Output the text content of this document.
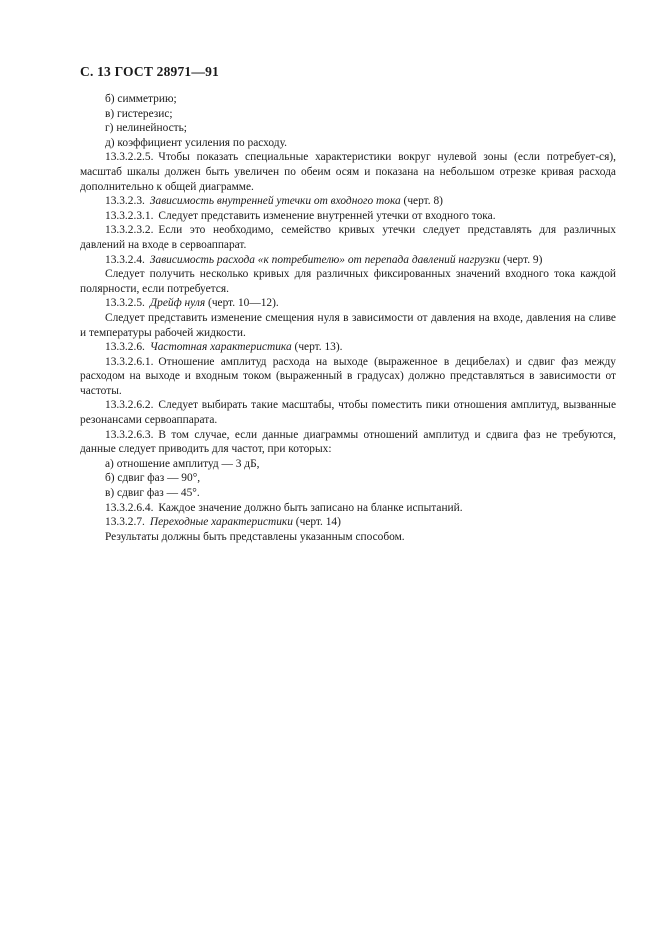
С. 13 ГОСТ 28971—91

б) симметрию;

в) гистерезис;

г) нелинейность;

д) коэффициент усиления по расходу.

13.3.2.2.5. Чтобы показать специальные характеристики вокруг нулевой зоны (если потребует-ся), масштаб шкалы должен быть увеличен по обеим осям и показана на небольшом отрезке кривая расхода дополнительно к общей диаграмме.

13.3.2.3. Зависимость внутренней утечки от входного тока (черт. 8)

13.3.2.3.1. Следует представить изменение внутренней утечки от входного тока.

13.3.2.3.2. Если это необходимо, семейство кривых утечки следует представлять для различных давлений на входе в сервоаппарат.

13.3.2.4. Зависимость расхода «к потребителю» от перепада давлений нагрузки (черт. 9)

Следует получить несколько кривых для различных фиксированных значений входного тока каждой полярности, если потребуется.

13.3.2.5. Дрейф нуля (черт. 10—12).

Следует представить изменение смещения нуля в зависимости от давления на входе, давления на сливе и температуры рабочей жидкости.

13.3.2.6. Частотная характеристика (черт. 13).

13.3.2.6.1. Отношение амплитуд расхода на выходе (выраженное в децибелах) и сдвиг фаз между расходом на выходе и входным током (выраженный в градусах) должно представляться в зависимости от частоты.

13.3.2.6.2. Следует выбирать такие масштабы, чтобы поместить пики отношения амплитуд, вызванные резонансами сервоаппарата.

13.3.2.6.3. В том случае, если данные диаграммы отношений амплитуд и сдвига фаз не требуются, данные следует приводить для частот, при которых:

а) отношение амплитуд — 3 дБ,

б) сдвиг фаз — 90°,

в) сдвиг фаз — 45°.

13.3.2.6.4. Каждое значение должно быть записано на бланке испытаний.

13.3.2.7. Переходные характеристики (черт. 14)

Результаты должны быть представлены указанным способом.
